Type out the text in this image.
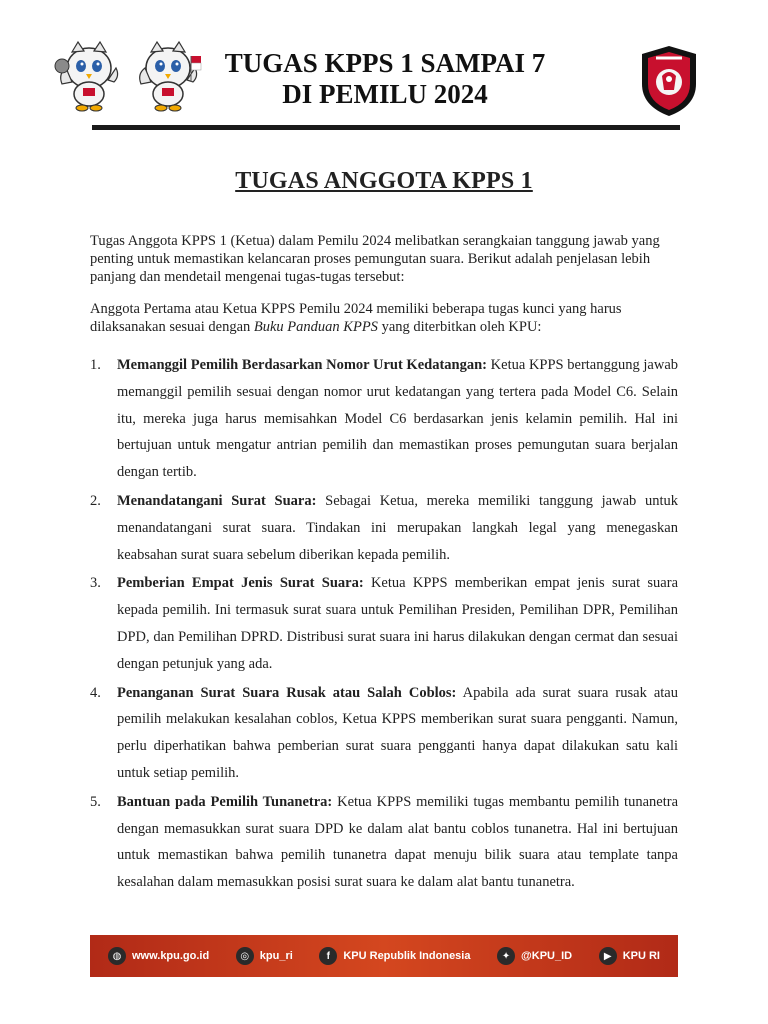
TUGAS KPPS 1 SAMPAI 7
DI PEMILU 2024
TUGAS ANGGOTA KPPS 1

Tugas Anggota KPPS 1 (Ketua) dalam Pemilu 2024 melibatkan serangkaian tanggung jawab yang penting untuk memastikan kelancaran proses pemungutan suara. Berikut adalah penjelasan lebih panjang dan mendetail mengenai tugas-tugas tersebut:

Anggota Pertama atau Ketua KPPS Pemilu 2024 memiliki beberapa tugas kunci yang harus dilaksanakan sesuai dengan Buku Panduan KPPS yang diterbitkan oleh KPU:

1. Memanggil Pemilih Berdasarkan Nomor Urut Kedatangan: Ketua KPPS bertanggung jawab memanggil pemilih sesuai dengan nomor urut kedatangan yang tertera pada Model C6. Selain itu, mereka juga harus memisahkan Model C6 berdasarkan jenis kelamin pemilih. Hal ini bertujuan untuk mengatur antrian pemilih dan memastikan proses pemungutan suara berjalan dengan tertib.
2. Menandatangani Surat Suara: Sebagai Ketua, mereka memiliki tanggung jawab untuk menandatangani surat suara. Tindakan ini merupakan langkah legal yang menegaskan keabsahan surat suara sebelum diberikan kepada pemilih.
3. Pemberian Empat Jenis Surat Suara: Ketua KPPS memberikan empat jenis surat suara kepada pemilih. Ini termasuk surat suara untuk Pemilihan Presiden, Pemilihan DPR, Pemilihan DPD, dan Pemilihan DPRD. Distribusi surat suara ini harus dilakukan dengan cermat dan sesuai dengan petunjuk yang ada.
4. Penanganan Surat Suara Rusak atau Salah Coblos: Apabila ada surat suara rusak atau pemilih melakukan kesalahan coblos, Ketua KPPS memberikan surat suara pengganti. Namun, perlu diperhatikan bahwa pemberian surat suara pengganti hanya dapat dilakukan satu kali untuk setiap pemilih.
5. Bantuan pada Pemilih Tunanetra: Ketua KPPS memiliki tugas membantu pemilih tunanetra dengan memasukkan surat suara DPD ke dalam alat bantu coblos tunanetra. Hal ini bertujuan untuk memastikan bahwa pemilih tunanetra dapat menuju bilik suara atau template tanpa kesalahan dalam memasukkan posisi surat suara ke dalam alat bantu tunanetra.
◍ www.kpu.go.id	◎ kpu_ri	f	KPU Republik Indonesia	✦ @KPU_ID	▶	KPU RI
